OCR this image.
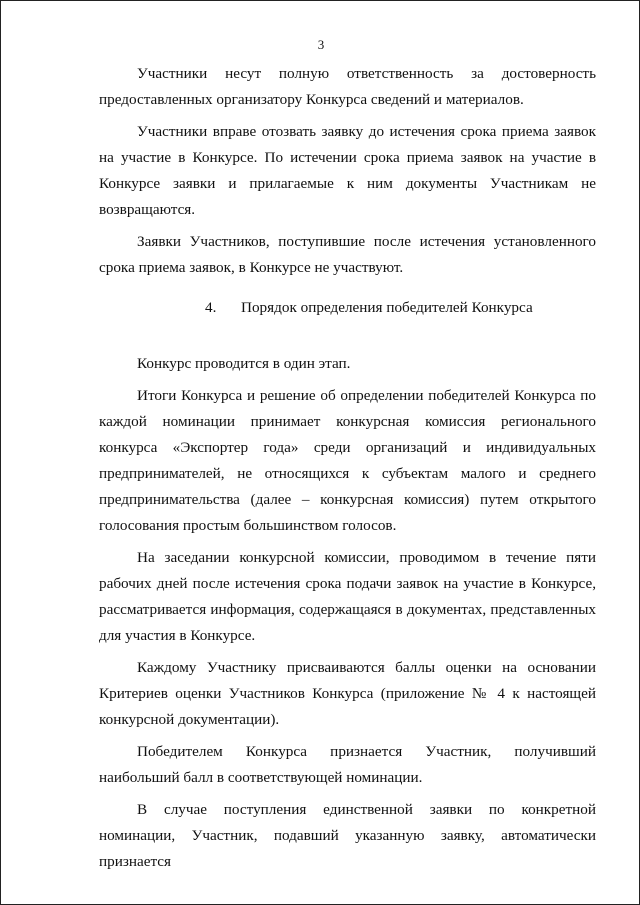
3

Участники несут полную ответственность за достоверность предоставленных организатору Конкурса сведений и материалов.

Участники вправе отозвать заявку до истечения срока приема заявок на участие в Конкурсе. По истечении срока приема заявок на участие в Конкурсе заявки и прилагаемые к ним документы Участникам не возвращаются.

Заявки Участников, поступившие после истечения установленного срока приема заявок, в Конкурсе не участвуют.

4. Порядок определения победителей Конкурса

Конкурс проводится в один этап.

Итоги Конкурса и решение об определении победителей Конкурса по каждой номинации принимает конкурсная комиссия регионального конкурса «Экспортер года» среди организаций и индивидуальных предпринимателей, не относящихся к субъектам малого и среднего предпринимательства (далее – конкурсная комиссия) путем открытого голосования простым большинством голосов.

На заседании конкурсной комиссии, проводимом в течение пяти рабочих дней после истечения срока подачи заявок на участие в Конкурсе, рассматривается информация, содержащаяся в документах, представленных для участия в Конкурсе.

Каждому Участнику присваиваются баллы оценки на основании Критериев оценки Участников Конкурса (приложение № 4 к настоящей конкурсной документации).

Победителем Конкурса признается Участник, получивший наибольший балл в соответствующей номинации.

В случае поступления единственной заявки по конкретной номинации, Участник, подавший указанную заявку, автоматически признается
